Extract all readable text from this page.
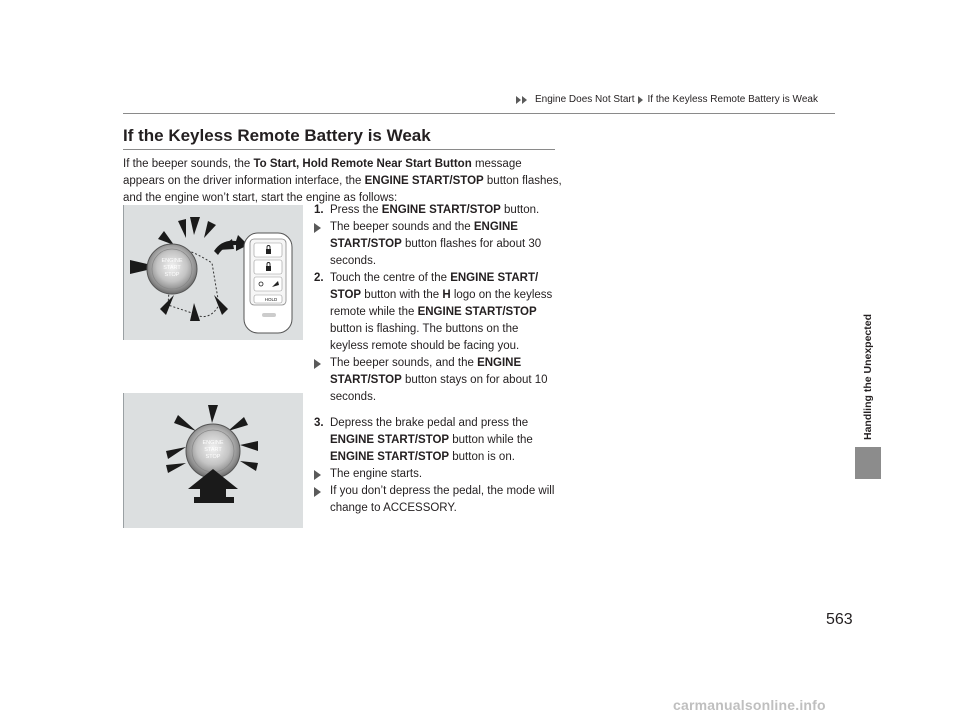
Engine Does Not Start If the Keyless Remote Battery is Weak
Handling the Unexpected
If the Keyless Remote Battery is Weak
If the beeper sounds, the To Start, Hold Remote Near Start Button message appears on the driver information interface, the ENGINE START/STOP button flashes, and the engine won’t start, start the engine as follows:
1. Press the ENGINE START/STOP button.
The beeper sounds and the ENGINE START/STOP button flashes for about 30 seconds.
2. Touch the centre of the ENGINE START/ STOP button with the H logo on the keyless remote while the ENGINE START/STOP button is flashing. The buttons on the keyless remote should be facing you.
The beeper sounds, and the ENGINE START/STOP button stays on for about 10 seconds.
3. Depress the brake pedal and press the ENGINE START/STOP button while the ENGINE START/STOP button is on.
The engine starts.
If you don’t depress the pedal, the mode will change to ACCESSORY.
ENGINE
START
STOP
HOLD
ENGINE
START
STOP
563
carmanualsonline.info
